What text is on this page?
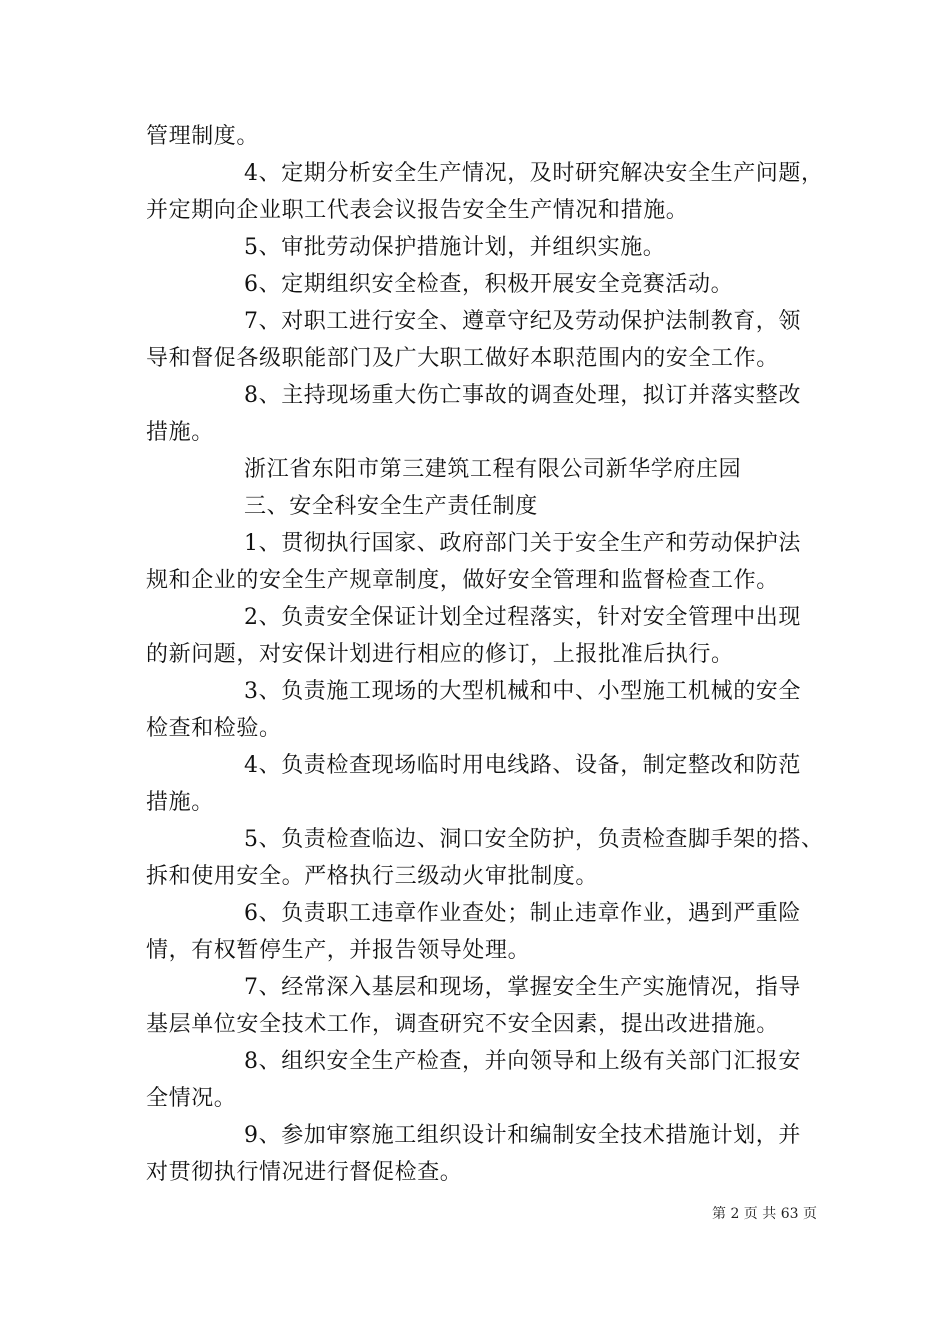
管理制度。
4、定期分析安全生产情况，及时研究解决安全生产问题，
并定期向企业职工代表会议报告安全生产情况和措施。
5、审批劳动保护措施计划，并组织实施。
6、定期组织安全检查，积极开展安全竞赛活动。
7、对职工进行安全、遵章守纪及劳动保护法制教育，领
导和督促各级职能部门及广大职工做好本职范围内的安全工作。
8、主持现场重大伤亡事故的调查处理，拟订并落实整改
措施。
浙江省东阳市第三建筑工程有限公司新华学府庄园
三、安全科安全生产责任制度
1、贯彻执行国家、政府部门关于安全生产和劳动保护法
规和企业的安全生产规章制度，做好安全管理和监督检查工作。
2、负责安全保证计划全过程落实，针对安全管理中出现
的新问题，对安保计划进行相应的修订，上报批准后执行。
3、负责施工现场的大型机械和中、小型施工机械的安全
检查和检验。
4、负责检查现场临时用电线路、设备，制定整改和防范
措施。
5、负责检查临边、洞口安全防护，负责检查脚手架的搭、
拆和使用安全。严格执行三级动火审批制度。
6、负责职工违章作业查处；制止违章作业，遇到严重险
情，有权暂停生产，并报告领导处理。
7、经常深入基层和现场，掌握安全生产实施情况，指导
基层单位安全技术工作，调查研究不安全因素，提出改进措施。
8、组织安全生产检查，并向领导和上级有关部门汇报安
全情况。
9、参加审察施工组织设计和编制安全技术措施计划，并
对贯彻执行情况进行督促检查。
第 2 页 共 63 页
